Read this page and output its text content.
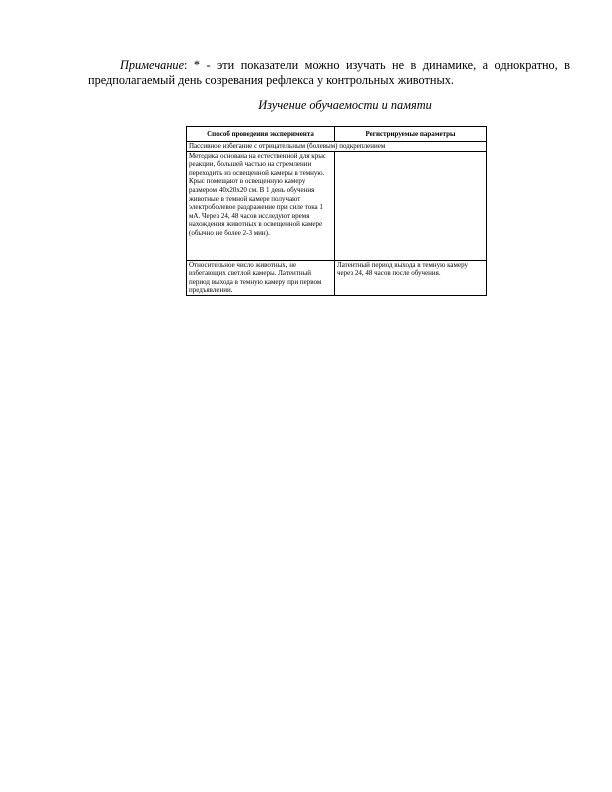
Примечание: * - эти показатели можно изучать не в динамике, а однократно, в
предполагаемый день созревания рефлекса у контрольных животных.
Изучение обучаемости и памяти
Способ проведения эксперимента	Регистрируемые параметры
Пассивное избегание с отрицательным (болевым) подкреплением	
Методика основана на естественной для крыс реакции, большей частью на стремлении переходить из освещенной камеры в темную. Крыс помещают в освещенную камеру размером 40х20х20 см. В 1 день обучения животные в темной камере получают электроболевое раздражение при силе тока 1 мА. Через 24, 48 часов исследуют время нахождения животных в освещенной камере (обычно не более 2-3 мин).	
Относительное число животных, не избегающих светлой камеры. Латентный период выхода в темную камеру при первом предъявлении.	Латентный период выхода в темную камеру через 24, 48 часов после обучения.
